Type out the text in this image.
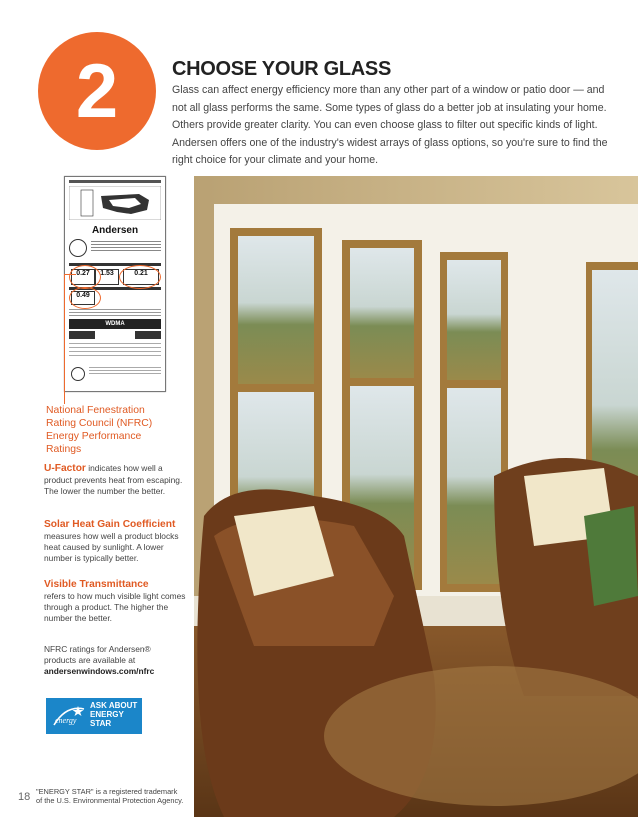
2	CHOOSE YOUR GLASS
Glass can affect energy efficiency more than any other part of a window or patio door — and not all glass performs the same. Some types of glass do a better job at insulating your home. Others provide greater clarity. You can even choose glass to filter out specific kinds of light. Andersen offers one of the industry's widest arrays of glass options, so you're sure to find the right choice for your climate and your home.
Andersen
0.27	1.53	0.21
0.49
WDMA
National Fenestration Rating Council (NFRC) Energy Performance Ratings
U-Factor indicates how well a product prevents heat from escaping. The lower the number the better.
Solar Heat Gain Coefficient
measures how well a product blocks heat caused by sunlight. A lower number is typically better.
Visible Transmittance
refers to how much visible light comes through a product. The higher the number the better.
NFRC ratings for Andersen® products are available at
andersenwindows.com/nfrc
energy
ASK ABOUT
ENERGY
STAR
18 "ENERGY STAR" is a registered trademark
of the U.S. Environmental Protection Agency.
